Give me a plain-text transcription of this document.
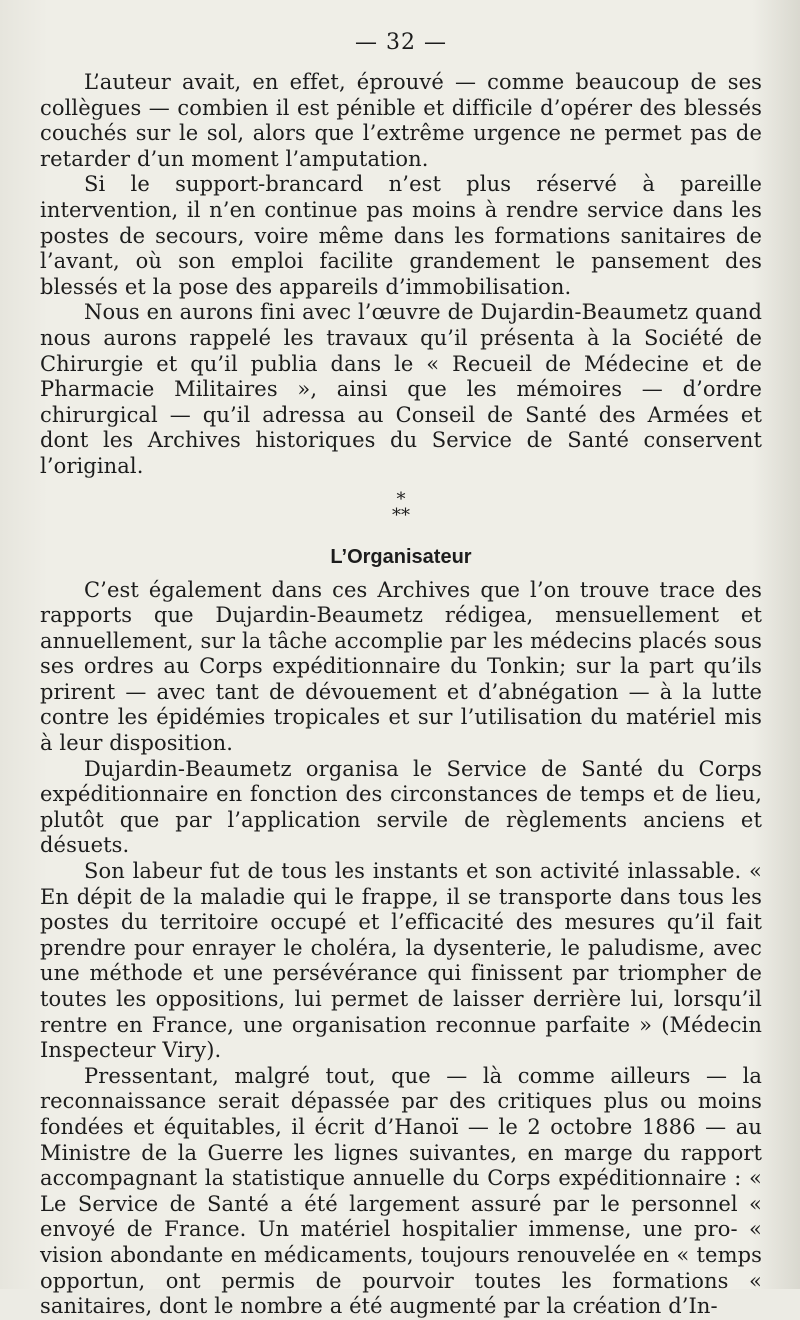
— 32 —

L’auteur avait, en effet, éprouvé — comme beaucoup de ses collègues — combien il est pénible et difficile d’opérer des blessés couchés sur le sol, alors que l’extrême urgence ne permet pas de retarder d’un moment l’amputation.

Si le support-brancard n’est plus réservé à pareille intervention, il n’en continue pas moins à rendre service dans les postes de secours, voire même dans les formations sanitaires de l’avant, où son emploi facilite grandement le pansement des blessés et la pose des appareils d’immobilisation.

Nous en aurons fini avec l’œuvre de Dujardin-Beaumetz quand nous aurons rappelé les travaux qu’il présenta à la Société de Chirurgie et qu’il publia dans le « Recueil de Médecine et de Pharmacie Militaires », ainsi que les mémoires — d’ordre chirurgical — qu’il adressa au Conseil de Santé des Armées et dont les Archives historiques du Service de Santé conservent l’original.

*
**
L’Organisateur

C’est également dans ces Archives que l’on trouve trace des rapports que Dujardin-Beaumetz rédigea, mensuellement et annuellement, sur la tâche accomplie par les médecins placés sous ses ordres au Corps expéditionnaire du Tonkin; sur la part qu’ils prirent — avec tant de dévouement et d’abnégation — à la lutte contre les épidémies tropicales et sur l’utilisation du matériel mis à leur disposition.

Dujardin-Beaumetz organisa le Service de Santé du Corps expéditionnaire en fonction des circonstances de temps et de lieu, plutôt que par l’application servile de règlements anciens et désuets.

Son labeur fut de tous les instants et son activité inlassable. « En dépit de la maladie qui le frappe, il se transporte dans tous les postes du territoire occupé et l’efficacité des mesures qu’il fait prendre pour enrayer le choléra, la dysenterie, le paludisme, avec une méthode et une persévérance qui finissent par triompher de toutes les oppositions, lui permet de laisser derrière lui, lorsqu’il rentre en France, une organisation reconnue parfaite » (Médecin Inspecteur Viry).

Pressentant, malgré tout, que — là comme ailleurs — la reconnaissance serait dépassée par des critiques plus ou moins fondées et équitables, il écrit d’Hanoï — le 2 octobre 1886 — au Ministre de la Guerre les lignes suivantes, en marge du rapport accompagnant la statistique annuelle du Corps expéditionnaire : « Le Service de Santé a été largement assuré par le personnel « envoyé de France. Un matériel hospitalier immense, une pro- « vision abondante en médicaments, toujours renouvelée en « temps opportun, ont permis de pourvoir toutes les formations « sanitaires, dont le nombre a été augmenté par la création d’In-
